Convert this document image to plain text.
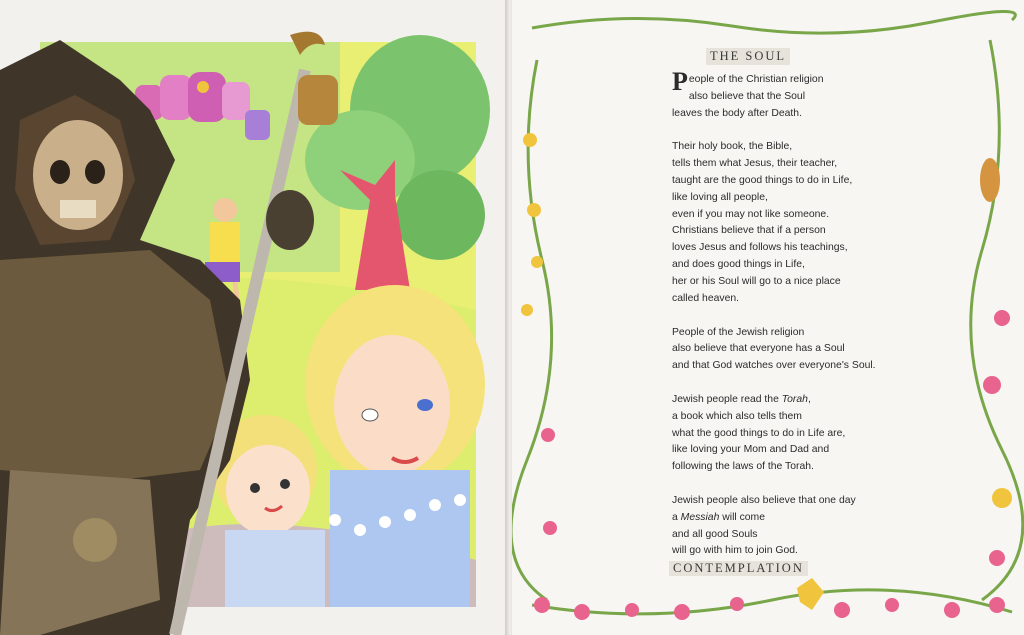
THE SOUL
P eople of the Christian religion
also believe that the Soul
leaves the body after Death.
Their holy book, the Bible,
tells them what Jesus, their teacher,
taught are the good things to do in Life,
like loving all people,
even if you may not like someone.
Christians believe that if a person
loves Jesus and follows his teachings,
and does good things in Life,
her or his Soul will go to a nice place
called heaven.
People of the Jewish religion
also believe that everyone has a Soul
and that God watches over everyone's Soul.
Jewish people read the Torah,
a book which also tells them
what the good things to do in Life are,
like loving your Mom and Dad and
following the laws of the Torah.
Jewish people also believe that one day
a Messiah will come
and all good Souls
will go with him to join God.
CONTEMPLATION
